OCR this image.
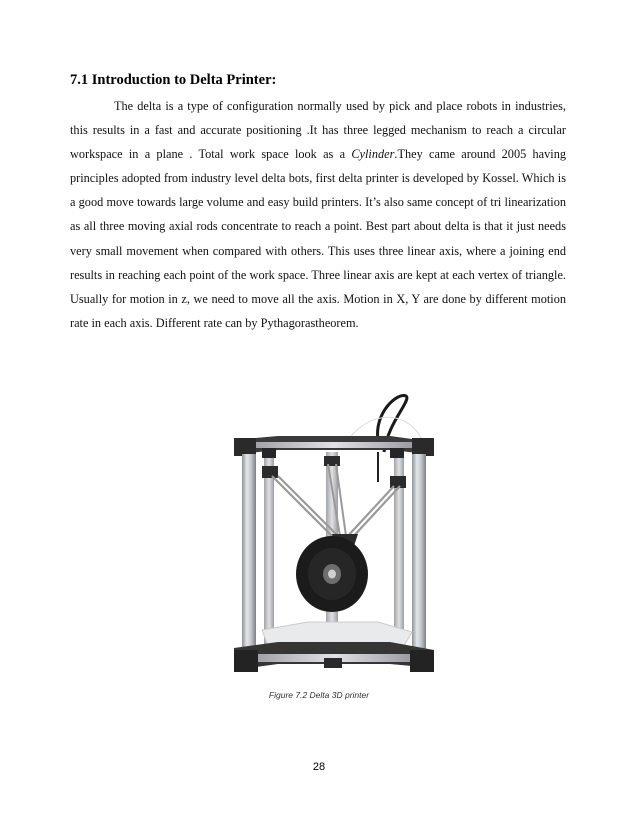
7.1 Introduction to Delta Printer:

The delta is a type of configuration normally used by pick and place robots in industries, this results in a fast and accurate positioning .It has three legged mechanism to reach a circular workspace in a plane . Total work space look as a Cylinder.They came around 2005 having principles adopted from industry level delta bots, first delta printer is developed by Kossel. Which is a good move towards large volume and easy build printers. It’s also same concept of tri linearization as all three moving axial rods concentrate to reach a point. Best part about delta is that it just needs very small movement when compared with others. This uses three linear axis, where a joining end results in reaching each point of the work space. Three linear axis are kept at each vertex of triangle. Usually for motion in z, we need to move all the axis. Motion in X, Y are done by different motion rate in each axis. Different rate can by Pythagorastheorem.

Figure 7.2 Delta 3D printer
28
